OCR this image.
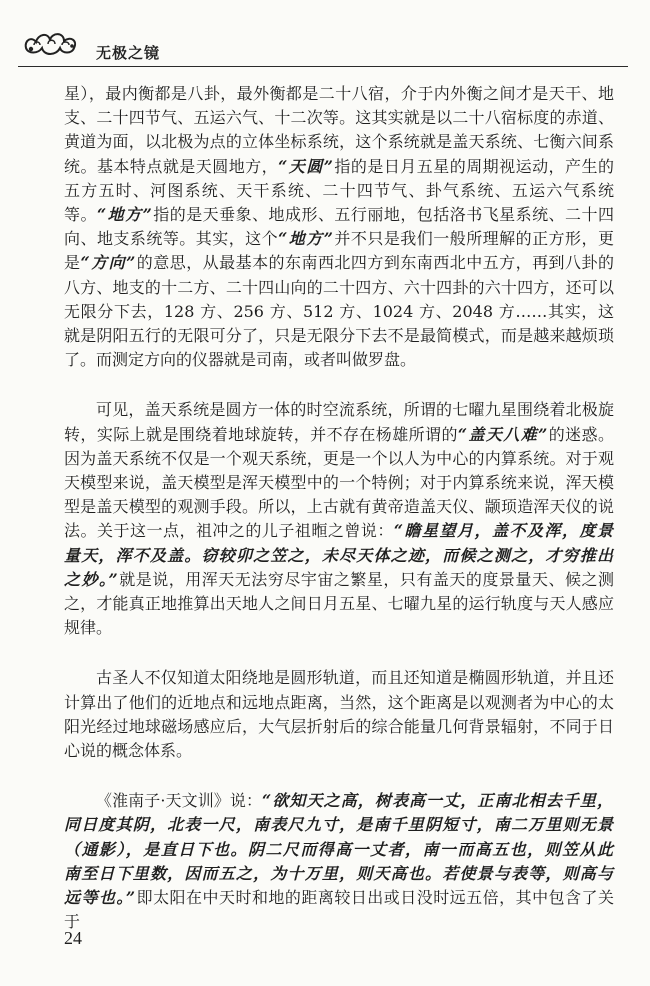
无极之镜

星），最内衡都是八卦，最外衡都是二十八宿，介于内外衡之间才是天干、地支、二十四节气、五运六气、十二次等。这其实就是以二十八宿标度的赤道、黄道为面，以北极为点的立体坐标系统，这个系统就是盖天系统、七衡六间系统。基本特点就是天圆地方，“天圆”指的是日月五星的周期视运动，产生的五方五时、河图系统、天干系统、二十四节气、卦气系统、五运六气系统等。“地方”指的是天垂象、地成形、五行丽地，包括洛书飞星系统、二十四向、地支系统等。其实，这个“地方”并不只是我们一般所理解的正方形，更是“方向”的意思，从最基本的东南西北四方到东南西北中五方，再到八卦的八方、地支的十二方、二十四山向的二十四方、六十四卦的六十四方，还可以无限分下去，128 方、256 方、512 方、1024 方、2048 方……其实，这就是阴阳五行的无限可分了，只是无限分下去不是最简模式，而是越来越烦琐了。而测定方向的仪器就是司南，或者叫做罗盘。

可见，盖天系统是圆方一体的时空流系统，所谓的七曜九星围绕着北极旋转，实际上就是围绕着地球旋转，并不存在杨雄所谓的“盖天八难”的迷惑。因为盖天系统不仅是一个观天系统，更是一个以人为中心的内算系统。对于观天模型来说，盖天模型是浑天模型中的一个特例；对于内算系统来说，浑天模型是盖天模型的观测手段。所以，上古就有黄帝造盖天仪、颛顼造浑天仪的说法。关于这一点，祖冲之的儿子祖暅之曾说：“瞻星望月，盖不及浑，度景量天，浑不及盖。窃较卯之笠之，未尽天体之迹，而候之测之，才穷推出之妙。”就是说，用浑天无法穷尽宇宙之繁星，只有盖天的度景量天、候之测之，才能真正地推算出天地人之间日月五星、七曜九星的运行轨度与天人感应规律。

古圣人不仅知道太阳绕地是圆形轨道，而且还知道是椭圆形轨道，并且还计算出了他们的近地点和远地点距离，当然，这个距离是以观测者为中心的太阳光经过地球磁场感应后，大气层折射后的综合能量几何背景辐射，不同于日心说的概念体系。

《淮南子·天文训》说：“欲知天之高，树表高一丈，正南北相去千里，同日度其阴，北表一尺，南表尺九寸，是南千里阴短寸，南二万里则无景（通影），是直日下也。阴二尺而得高一丈者，南一而高五也，则笠从此南至日下里数，因而五之，为十万里，则天高也。若使景与表等，则高与远等也。”即太阳在中天时和地的距离较日出或日没时远五倍，其中包含了关于

24
